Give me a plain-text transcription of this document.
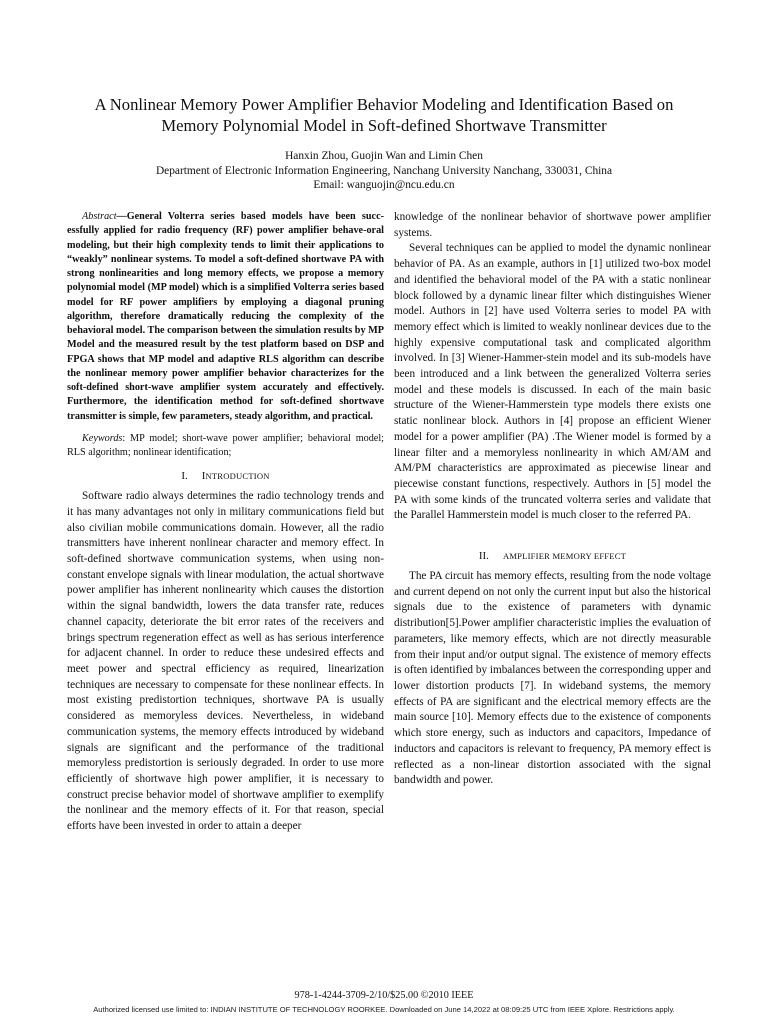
A Nonlinear Memory Power Amplifier Behavior Modeling and Identification Based on
Memory Polynomial Model in Soft-defined Shortwave Transmitter
Hanxin Zhou, Guojin Wan and Limin Chen
Department of Electronic Information Engineering, Nanchang University Nanchang, 330031, China
Email: wanguojin@ncu.edu.cn

Abstract—General Volterra series based models have been succ-essfully applied for radio frequency (RF) power amplifier behave-oral modeling, but their high complexity tends to limit their applications to “weakly” nonlinear systems. To model a soft-defined shortwave PA with strong nonlinearities and long memory effects, we propose a memory polynomial model (MP model) which is a simplified Volterra series based model for RF power amplifiers by employing a diagonal pruning algorithm, therefore dramatically reducing the complexity of the behavioral model. The comparison between the simulation results by MP Model and the measured result by the test platform based on DSP and FPGA shows that MP model and adaptive RLS algorithm can describe the nonlinear memory power amplifier behavior characterizes for the soft-defined short-wave amplifier system accurately and effectively. Furthermore, the identification method for soft-defined shortwave transmitter is simple, few parameters, steady algorithm, and practical.

Keywords: MP model; short-wave power amplifier; behavioral model; RLS algorithm; nonlinear identification;

I. INTRODUCTION

Software radio always determines the radio technology trends and it has many advantages not only in military communications field but also civilian mobile communications domain. However, all the radio transmitters have inherent nonlinear character and memory effect. In soft-defined shortwave communication systems, when using non-constant envelope signals with linear modulation, the actual shortwave power amplifier has inherent nonlinearity which causes the distortion within the signal bandwidth, lowers the data transfer rate, reduces channel capacity, deteriorate the bit error rates of the receivers and brings spectrum regeneration effect as well as has serious interference for adjacent channel. In order to reduce these undesired effects and meet power and spectral efficiency as required, linearization techniques are necessary to compensate for these nonlinear effects. In most existing predistortion techniques, shortwave PA is usually considered as memoryless devices. Nevertheless, in wideband communication systems, the memory effects introduced by wideband signals are significant and the performance of the traditional memoryless predistortion is seriously degraded. In order to use more efficiently of shortwave high power amplifier, it is necessary to construct precise behavior model of shortwave amplifier to exemplify the nonlinear and the memory effects of it. For that reason, special efforts have been invested in order to attain a deeper

knowledge of the nonlinear behavior of shortwave power amplifier systems.

Several techniques can be applied to model the dynamic nonlinear behavior of PA. As an example, authors in [1] utilized two-box model and identified the behavioral model of the PA with a static nonlinear block followed by a dynamic linear filter which distinguishes Wiener model. Authors in [2] have used Volterra series to model PA with memory effect which is limited to weakly nonlinear devices due to the highly expensive computational task and complicated algorithm involved. In [3] Wiener-Hammer-stein model and its sub-models have been introduced and a link between the generalized Volterra series model and these models is discussed. In each of the main basic structure of the Wiener-Hammerstein type models there exists one static nonlinear block. Authors in [4] propose an efficient Wiener model for a power amplifier (PA) .The Wiener model is formed by a linear filter and a memoryless nonlinearity in which AM/AM and AM/PM characteristics are approximated as piecewise linear and piecewise constant functions, respectively. Authors in [5] model the PA with some kinds of the truncated volterra series and validate that the Parallel Hammerstein model is much closer to the referred PA.

II. AMPLIFIER MEMORY EFFECT

The PA circuit has memory effects, resulting from the node voltage and current depend on not only the current input but also the historical signals due to the existence of parameters with dynamic distribution[5].Power amplifier characteristic implies the evaluation of parameters, like memory effects, which are not directly measurable from their input and/or output signal. The existence of memory effects is often identified by imbalances between the corresponding upper and lower distortion products [7]. In wideband systems, the memory effects of PA are significant and the electrical memory effects are the main source [10]. Memory effects due to the existence of components which store energy, such as inductors and capacitors, Impedance of inductors and capacitors is relevant to frequency, PA memory effect is reflected as a non-linear distortion associated with the signal bandwidth and power.

978-1-4244-3709-2/10/$25.00 ©2010 IEEE
Authorized licensed use limited to: INDIAN INSTITUTE OF TECHNOLOGY ROORKEE. Downloaded on June 14,2022 at 08:09:25 UTC from IEEE Xplore. Restrictions apply.
